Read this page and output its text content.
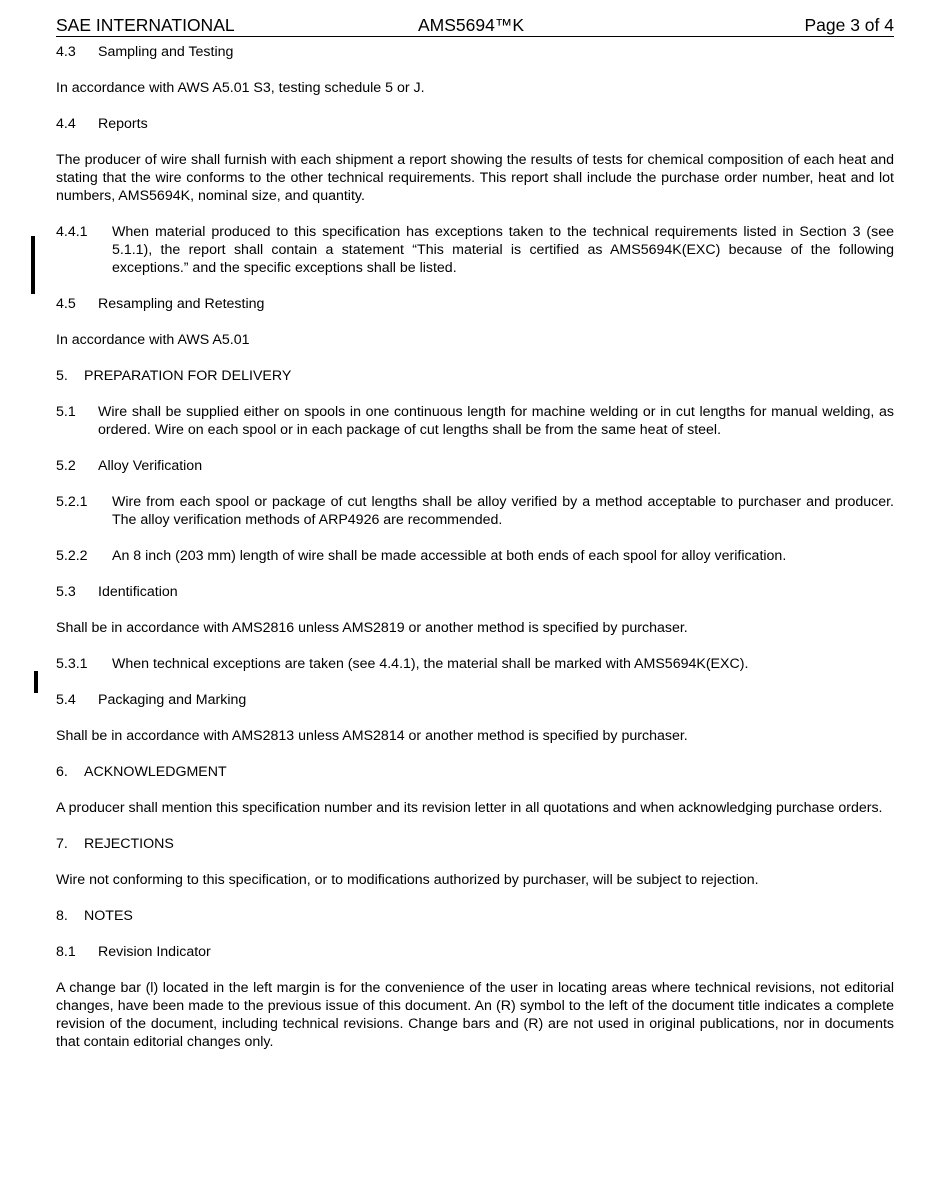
SAE INTERNATIONAL	AMS5694™K	Page 3 of 4
4.3	Sampling and Testing

In accordance with AWS A5.01 S3, testing schedule 5 or J.

4.4	Reports

The producer of wire shall furnish with each shipment a report showing the results of tests for chemical composition of each heat and stating that the wire conforms to the other technical requirements. This report shall include the purchase order number, heat and lot numbers, AMS5694K, nominal size, and quantity.

4.4.1	When material produced to this specification has exceptions taken to the technical requirements listed in Section 3 (see 5.1.1), the report shall contain a statement “This material is certified as AMS5694K(EXC) because of the following exceptions.” and the specific exceptions shall be listed.
4.5	Resampling and Retesting

In accordance with AWS A5.01

5.	PREPARATION FOR DELIVERY
5.1	Wire shall be supplied either on spools in one continuous length for machine welding or in cut lengths for manual welding, as ordered. Wire on each spool or in each package of cut lengths shall be from the same heat of steel.
5.2	Alloy Verification
5.2.1	Wire from each spool or package of cut lengths shall be alloy verified by a method acceptable to purchaser and producer. The alloy verification methods of ARP4926 are recommended.
5.2.2	An 8 inch (203 mm) length of wire shall be made accessible at both ends of each spool for alloy verification.
5.3	Identification

Shall be in accordance with AMS2816 unless AMS2819 or another method is specified by purchaser.

5.3.1	When technical exceptions are taken (see 4.4.1), the material shall be marked with AMS5694K(EXC).
5.4	Packaging and Marking

Shall be in accordance with AMS2813 unless AMS2814 or another method is specified by purchaser.

6.	ACKNOWLEDGMENT

A producer shall mention this specification number and its revision letter in all quotations and when acknowledging purchase orders.

7.	REJECTIONS

Wire not conforming to this specification, or to modifications authorized by purchaser, will be subject to rejection.

8.	NOTES
8.1	Revision Indicator

A change bar (l) located in the left margin is for the convenience of the user in locating areas where technical revisions, not editorial changes, have been made to the previous issue of this document. An (R) symbol to the left of the document title indicates a complete revision of the document, including technical revisions. Change bars and (R) are not used in original publications, nor in documents that contain editorial changes only.
